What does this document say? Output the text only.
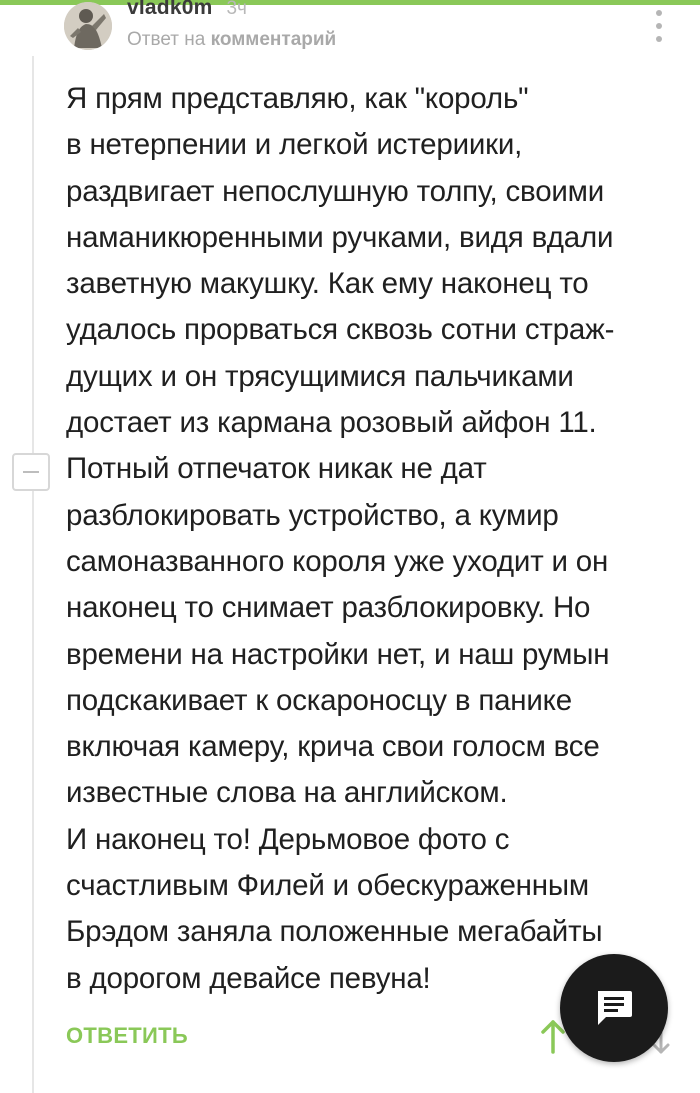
vladk0m 3ч
Ответ на комментарий
Я прям представляю, как "король"
в нетерпении и легкой истериики,
раздвигает непослушную толпу, своими
наманикюренными ручками, видя вдали
заветную макушку. Как ему наконец то
удалось прорваться сквозь сотни страж-
дущих и он трясущимися пальчиками
достает из кармана розовый айфон 11.
Потный отпечаток никак не дат
разблокировать устройство, а кумир
самоназванного короля уже уходит и он
наконец то снимает разблокировку. Но
времени на настройки нет, и наш румын
подскакивает к оскароносцу в панике
включая камеру, крича свои голосм все
известные слова на английском.
И наконец то! Дерьмовое фото с
счастливым Филей и обескураженным
Брэдом заняла положенные мегабайты
в дорогом девайсе певуна!
ОТВЕТИТЬ
